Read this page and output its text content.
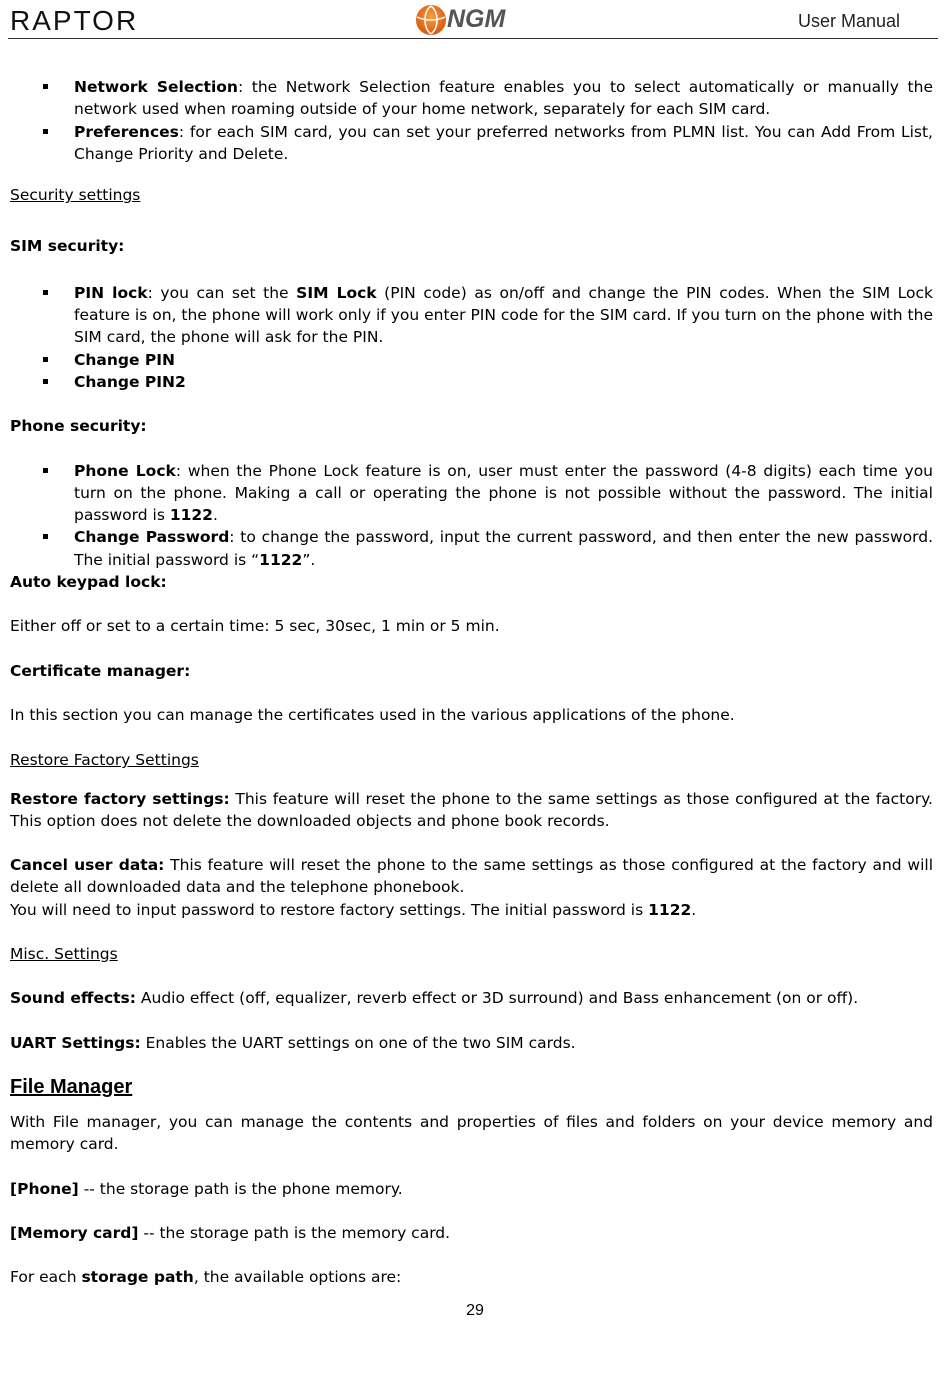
RAPTOR	NGM	User Manual
Network Selection: the Network Selection feature enables you to select automatically or manually the network used when roaming outside of your home network, separately for each SIM card.
Preferences: for each SIM card, you can set your preferred networks from PLMN list. You can Add From List, Change Priority and Delete.

Security settings

SIM security:

PIN lock: you can set the SIM Lock (PIN code) as on/off and change the PIN codes. When the SIM Lock feature is on, the phone will work only if you enter PIN code for the SIM card. If you turn on the phone with the SIM card, the phone will ask for the PIN.
Change PIN
Change PIN2

Phone security:

Phone Lock: when the Phone Lock feature is on, user must enter the password (4-8 digits) each time you turn on the phone. Making a call or operating the phone is not possible without the password. The initial password is 1122.
Change Password: to change the password, input the current password, and then enter the new password. The initial password is “1122”.

Auto keypad lock:

Either off or set to a certain time: 5 sec, 30sec, 1 min or 5 min.

Certificate manager:

In this section you can manage the certificates used in the various applications of the phone.

Restore Factory Settings

Restore factory settings: This feature will reset the phone to the same settings as those configured at the factory. This option does not delete the downloaded objects and phone book records.

Cancel user data: This feature will reset the phone to the same settings as those configured at the factory and will delete all downloaded data and the telephone phonebook.

You will need to input password to restore factory settings. The initial password is 1122.

Misc. Settings

Sound effects: Audio effect (off, equalizer, reverb effect or 3D surround) and Bass enhancement (on or off).

UART Settings: Enables the UART settings on one of the two SIM cards.

File Manager

With File manager, you can manage the contents and properties of files and folders on your device memory and memory card.

[Phone] -- the storage path is the phone memory.

[Memory card] -- the storage path is the memory card.

For each storage path, the available options are:

29
